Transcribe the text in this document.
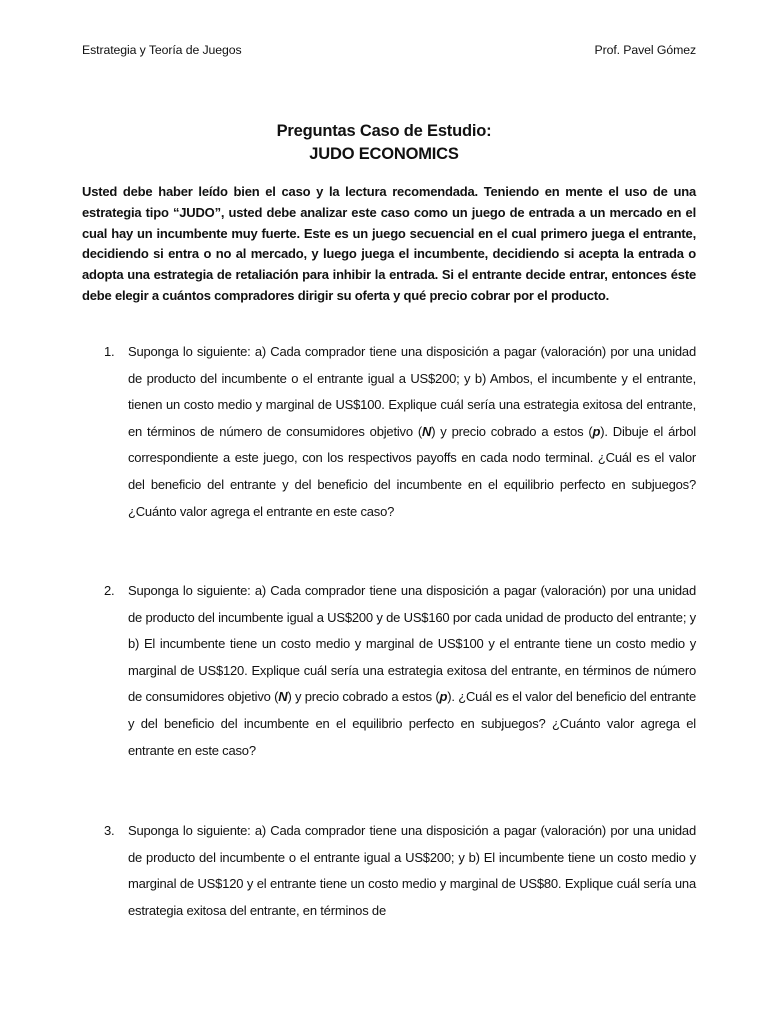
Estrategia y Teoría de Juegos	Prof. Pavel Gómez
Preguntas Caso de Estudio:
JUDO ECONOMICS
Usted debe haber leído bien el caso y la lectura recomendada. Teniendo en mente el uso de una estrategia tipo “JUDO”, usted debe analizar este caso como un juego de entrada a un mercado en el cual hay un incumbente muy fuerte. Este es un juego secuencial en el cual primero juega el entrante, decidiendo si entra o no al mercado, y luego juega el incumbente, decidiendo si acepta la entrada o adopta una estrategia de retaliación para inhibir la entrada. Si el entrante decide entrar, entonces éste debe elegir a cuántos compradores dirigir su oferta y qué precio cobrar por el producto.
1. Suponga lo siguiente: a) Cada comprador tiene una disposición a pagar (valoración) por una unidad de producto del incumbente o el entrante igual a US$200; y b) Ambos, el incumbente y el entrante, tienen un costo medio y marginal de US$100. Explique cuál sería una estrategia exitosa del entrante, en términos de número de consumidores objetivo (N) y precio cobrado a estos (p). Dibuje el árbol correspondiente a este juego, con los respectivos payoffs en cada nodo terminal. ¿Cuál es el valor del beneficio del entrante y del beneficio del incumbente en el equilibrio perfecto en subjuegos? ¿Cuánto valor agrega el entrante en este caso?
2. Suponga lo siguiente: a) Cada comprador tiene una disposición a pagar (valoración) por una unidad de producto del incumbente igual a US$200 y de US$160 por cada unidad de producto del entrante; y b) El incumbente tiene un costo medio y marginal de US$100 y el entrante tiene un costo medio y marginal de US$120. Explique cuál sería una estrategia exitosa del entrante, en términos de número de consumidores objetivo (N) y precio cobrado a estos (p). ¿Cuál es el valor del beneficio del entrante y del beneficio del incumbente en el equilibrio perfecto en subjuegos? ¿Cuánto valor agrega el entrante en este caso?
3. Suponga lo siguiente: a) Cada comprador tiene una disposición a pagar (valoración) por una unidad de producto del incumbente o el entrante igual a US$200; y b) El incumbente tiene un costo medio y marginal de US$120 y el entrante tiene un costo medio y marginal de US$80. Explique cuál sería una estrategia exitosa del entrante, en términos de
